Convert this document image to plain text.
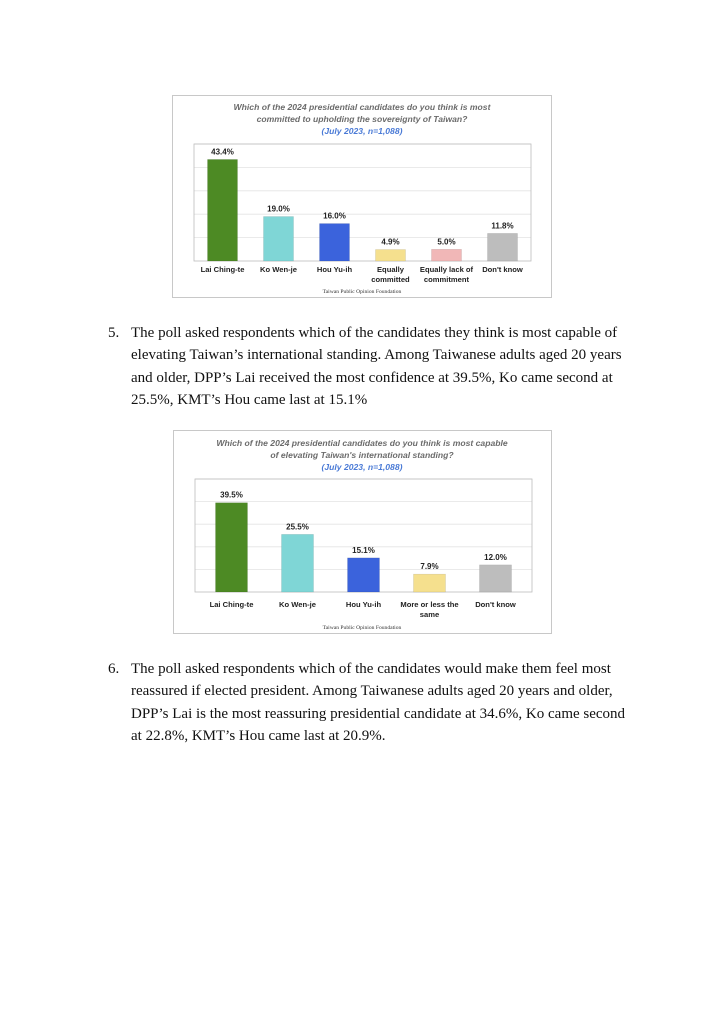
Which of the 2024 presidential candidates do you think is most
committed to upholding the sovereignty of Taiwan?
(July 2023, n=1,088)
43.4%
Lai Ching-te
19.0%
Ko Wen-je
16.0%
Hou Yu-ih
4.9%
Equally committed
5.0%
Equally lack of commitment
11.8%
Don't know
Taiwan Public Opinion Foundation
5. The poll asked respondents which of the candidates they think is most capable of elevating Taiwan’s international standing. Among Taiwanese adults aged 20 years and older, DPP’s Lai received the most confidence at 39.5%, Ko came second at 25.5%, KMT’s Hou came last at 15.1%
Which of the 2024 presidential candidates do you think is most capable
of elevating Taiwan's international standing?
(July 2023, n=1,088)
39.5%
Lai Ching-te
25.5%
Ko Wen-je
15.1%
Hou Yu-ih
7.9%
More or less the same
12.0%
Don't know
Taiwan Public Opinion Foundation
6. The poll asked respondents which of the candidates would make them feel most reassured if elected president. Among Taiwanese adults aged 20 years and older, DPP’s Lai is the most reassuring presidential candidate at 34.6%, Ko came second at 22.8%, KMT’s Hou came last at 20.9%.
